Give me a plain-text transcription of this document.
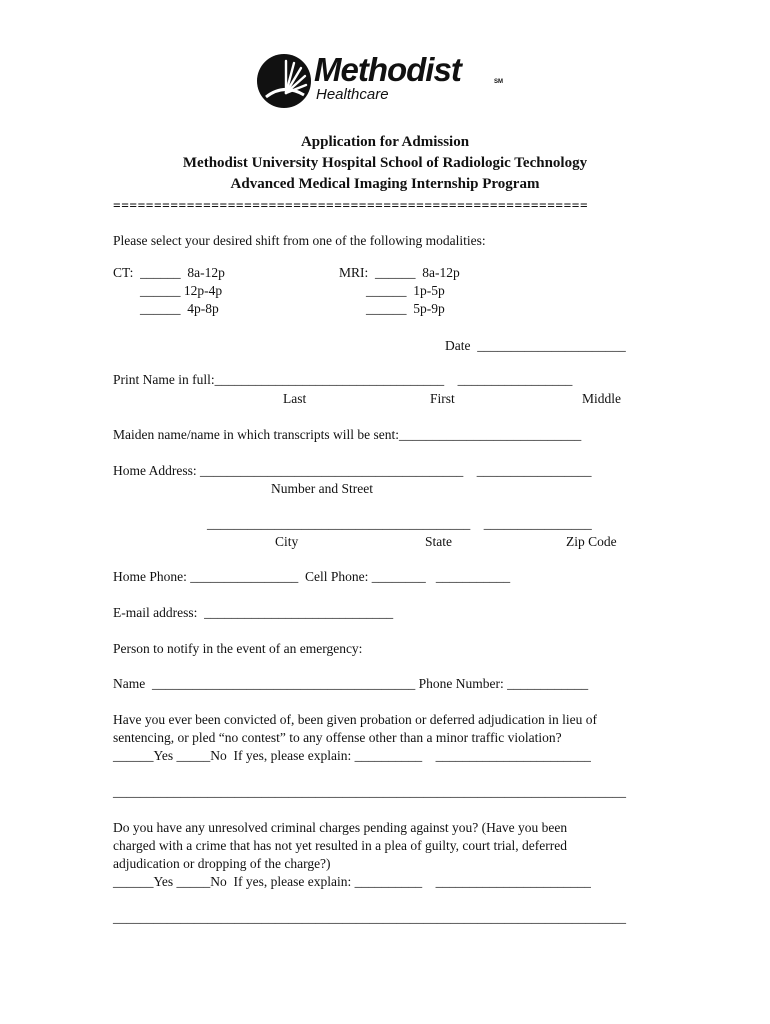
Methodist	SM
Healthcare
Application for Admission
Methodist University Hospital School of Radiologic Technology
Advanced Medical Imaging Internship Program
==========================================================
Please select your desired shift from one of the following modalities:
CT:  ______  8a-12p
______ 12p-4p
______  4p-8p
MRI:  ______  8a-12p
______  1p-5p
______  5p-9p
Date  ______________________
Print Name in full:__________________________________    _________________
Last	First	Middle
Maiden name/name in which transcripts will be sent:___________________________
Home Address: _______________________________________    _________________
Number and Street
_______________________________________    ________________
City	State	Zip Code
Home Phone: ________________  Cell Phone: ________   ___________
E-mail address:  ____________________________
Person to notify in the event of an emergency:
Name  _______________________________________ Phone Number: ____________
Have you ever been convicted of, been given probation or deferred adjudication in lieu of
sentencing, or pled “no contest” to any offense other than a minor traffic violation?
______Yes _____No  If yes, please explain: __________    _______________________
____________________________________________________________________________
Do you have any unresolved criminal charges pending against you? (Have you been
charged with a crime that has not yet resulted in a plea of guilty, court trial, deferred
adjudication or dropping of the charge?)
______Yes _____No  If yes, please explain: __________    _______________________
____________________________________________________________________________
